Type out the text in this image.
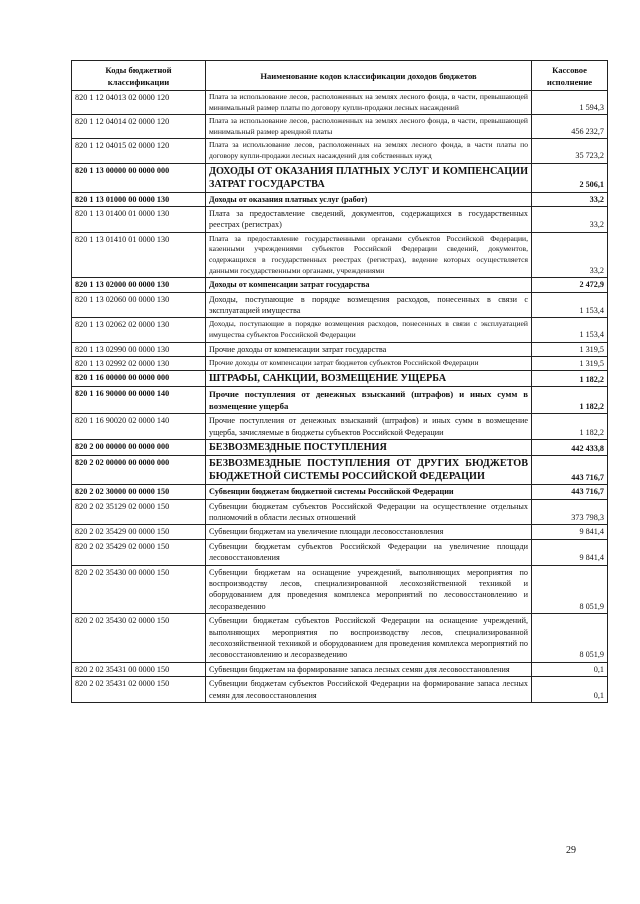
Коды бюджетной классификации	Наименование кодов классификации доходов бюджетов	Кассовое исполнение
820 1 12 04013 02 0000 120	Плата за использование лесов, расположенных на землях лесного фонда, в части, превышающей минимальный размер платы по договору купли-продажи лесных насаждений	1 594,3
820 1 12 04014 02 0000 120	Плата за использование лесов, расположенных на землях лесного фонда, в части, превышающей минимальный размер арендной платы	456 232,7
820 1 12 04015 02 0000 120	Плата за использование лесов, расположенных на землях лесного фонда, в части платы по договору купли-продажи лесных насаждений для собственных нужд	35 723,2
820 1 13 00000 00 0000 000	ДОХОДЫ ОТ ОКАЗАНИЯ ПЛАТНЫХ УСЛУГ И КОМПЕНСАЦИИ ЗАТРАТ ГОСУДАРСТВА	2 506,1
820 1 13 01000 00 0000 130	Доходы от оказания платных услуг (работ)	33,2
820 1 13 01400 01 0000 130	Плата за предоставление сведений, документов, содержащихся в государственных реестрах (регистрах)	33,2
820 1 13 01410 01 0000 130	Плата за предоставление государственными органами субъектов Российской Федерации, казенными учреждениями субъектов Российской Федерации сведений, документов, содержащихся в государственных реестрах (регистрах), ведение которых осуществляется данными государственными органами, учреждениями	33,2
820 1 13 02000 00 0000 130	Доходы от компенсации затрат государства	2 472,9
820 1 13 02060 00 0000 130	Доходы, поступающие в порядке возмещения расходов, понесенных в связи с эксплуатацией имущества	1 153,4
820 1 13 02062 02 0000 130	Доходы, поступающие в порядке возмещения расходов, понесенных в связи с эксплуатацией имущества субъектов Российской Федерации	1 153,4
820 1 13 02990 00 0000 130	Прочие доходы от компенсации затрат государства	1 319,5
820 1 13 02992 02 0000 130	Прочие доходы от компенсации затрат бюджетов субъектов Российской Федерации	1 319,5
820 1 16 00000 00 0000 000	ШТРАФЫ, САНКЦИИ, ВОЗМЕЩЕНИЕ УЩЕРБА	1 182,2
820 1 16 90000 00 0000 140	Прочие поступления от денежных взысканий (штрафов) и иных сумм в возмещение ущерба	1 182,2
820 1 16 90020 02 0000 140	Прочие поступления от денежных взысканий (штрафов) и иных сумм в возмещение ущерба, зачисляемые в бюджеты субъектов Российской Федерации	1 182,2
820 2 00 00000 00 0000 000	БЕЗВОЗМЕЗДНЫЕ ПОСТУПЛЕНИЯ	442 433,8
820 2 02 00000 00 0000 000	БЕЗВОЗМЕЗДНЫЕ ПОСТУПЛЕНИЯ ОТ ДРУГИХ БЮДЖЕТОВ БЮДЖЕТНОЙ СИСТЕМЫ РОССИЙСКОЙ ФЕДЕРАЦИИ	443 716,7
820 2 02 30000 00 0000 150	Субвенции бюджетам бюджетной системы Российской Федерации	443 716,7
820 2 02 35129 02 0000 150	Субвенции бюджетам субъектов Российской Федерации на осуществление отдельных полномочий в области лесных отношений	373 798,3
820 2 02 35429 00 0000 150	Субвенции бюджетам на увеличение площади лесовосстановления	9 841,4
820 2 02 35429 02 0000 150	Субвенции бюджетам субъектов Российской Федерации на увеличение площади лесовосстановления	9 841,4
820 2 02 35430 00 0000 150	Субвенции бюджетам на оснащение учреждений, выполняющих мероприятия по воспроизводству лесов, специализированной лесохозяйственной техникой и оборудованием для проведения комплекса мероприятий по лесовосстановлению и лесоразведению	8 051,9
820 2 02 35430 02 0000 150	Субвенции бюджетам субъектов Российской Федерации на оснащение учреждений, выполняющих мероприятия по воспроизводству лесов, специализированной лесохозяйственной техникой и оборудованием для проведения комплекса мероприятий по лесовосстановлению и лесоразведению	8 051,9
820 2 02 35431 00 0000 150	Субвенции бюджетам на формирование запаса лесных семян для лесовосстановления	0,1
820 2 02 35431 02 0000 150	Субвенции бюджетам субъектов Российской Федерации на формирование запаса лесных семян для лесовосстановления	0,1
29
